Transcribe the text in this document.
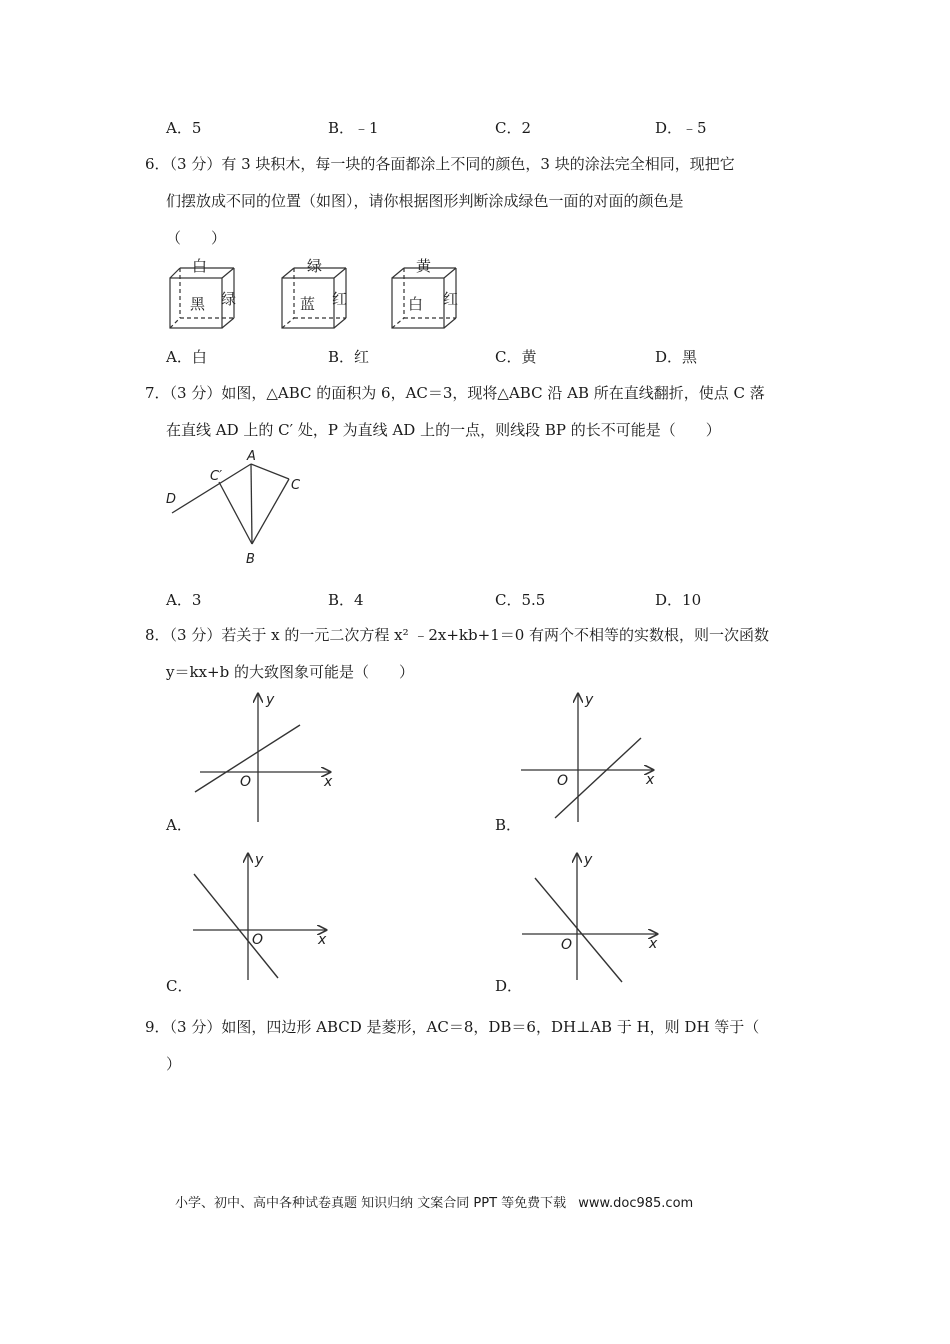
A．5	B．﹣1	C．2	D．﹣5
6．（3 分）有 3 块积木，每一块的各面都涂上不同的颜色，3 块的涂法完全相同，现把它
们摆放成不同的位置（如图），请你根据图形判断涂成绿色一面的对面的颜色是
（　　）
白
黑 绿
绿
蓝 红
黄
白 红
A．白	B．红	C．黄	D．黑
7．（3 分）如图，△ABC 的面积为 6，AC＝3，现将△ABC 沿 AB 所在直线翻折，使点 C 落
在直线 AD 上的 C′ 处，P 为直线 AD 上的一点，则线段 BP 的长不可能是（　　）
A
C′
C
D
B
A．3	B．4	C．5.5	D．10
8．（3 分）若关于 x 的一元二次方程 x² ﹣2x+kb+1＝0 有两个不相等的实数根，则一次函数
y＝kx+b 的大致图象可能是（　　）
y
x
O
y
x
O
A．	B．
y
x
O
y
x
O
C．	D．
9．（3 分）如图，四边形 ABCD 是菱形，AC＝8，DB＝6，DH⊥AB 于 H，则 DH 等于（
）
小学、初中、高中各种试卷真题 知识归纳 文案合同 PPT 等免费下载 www.doc985.com
